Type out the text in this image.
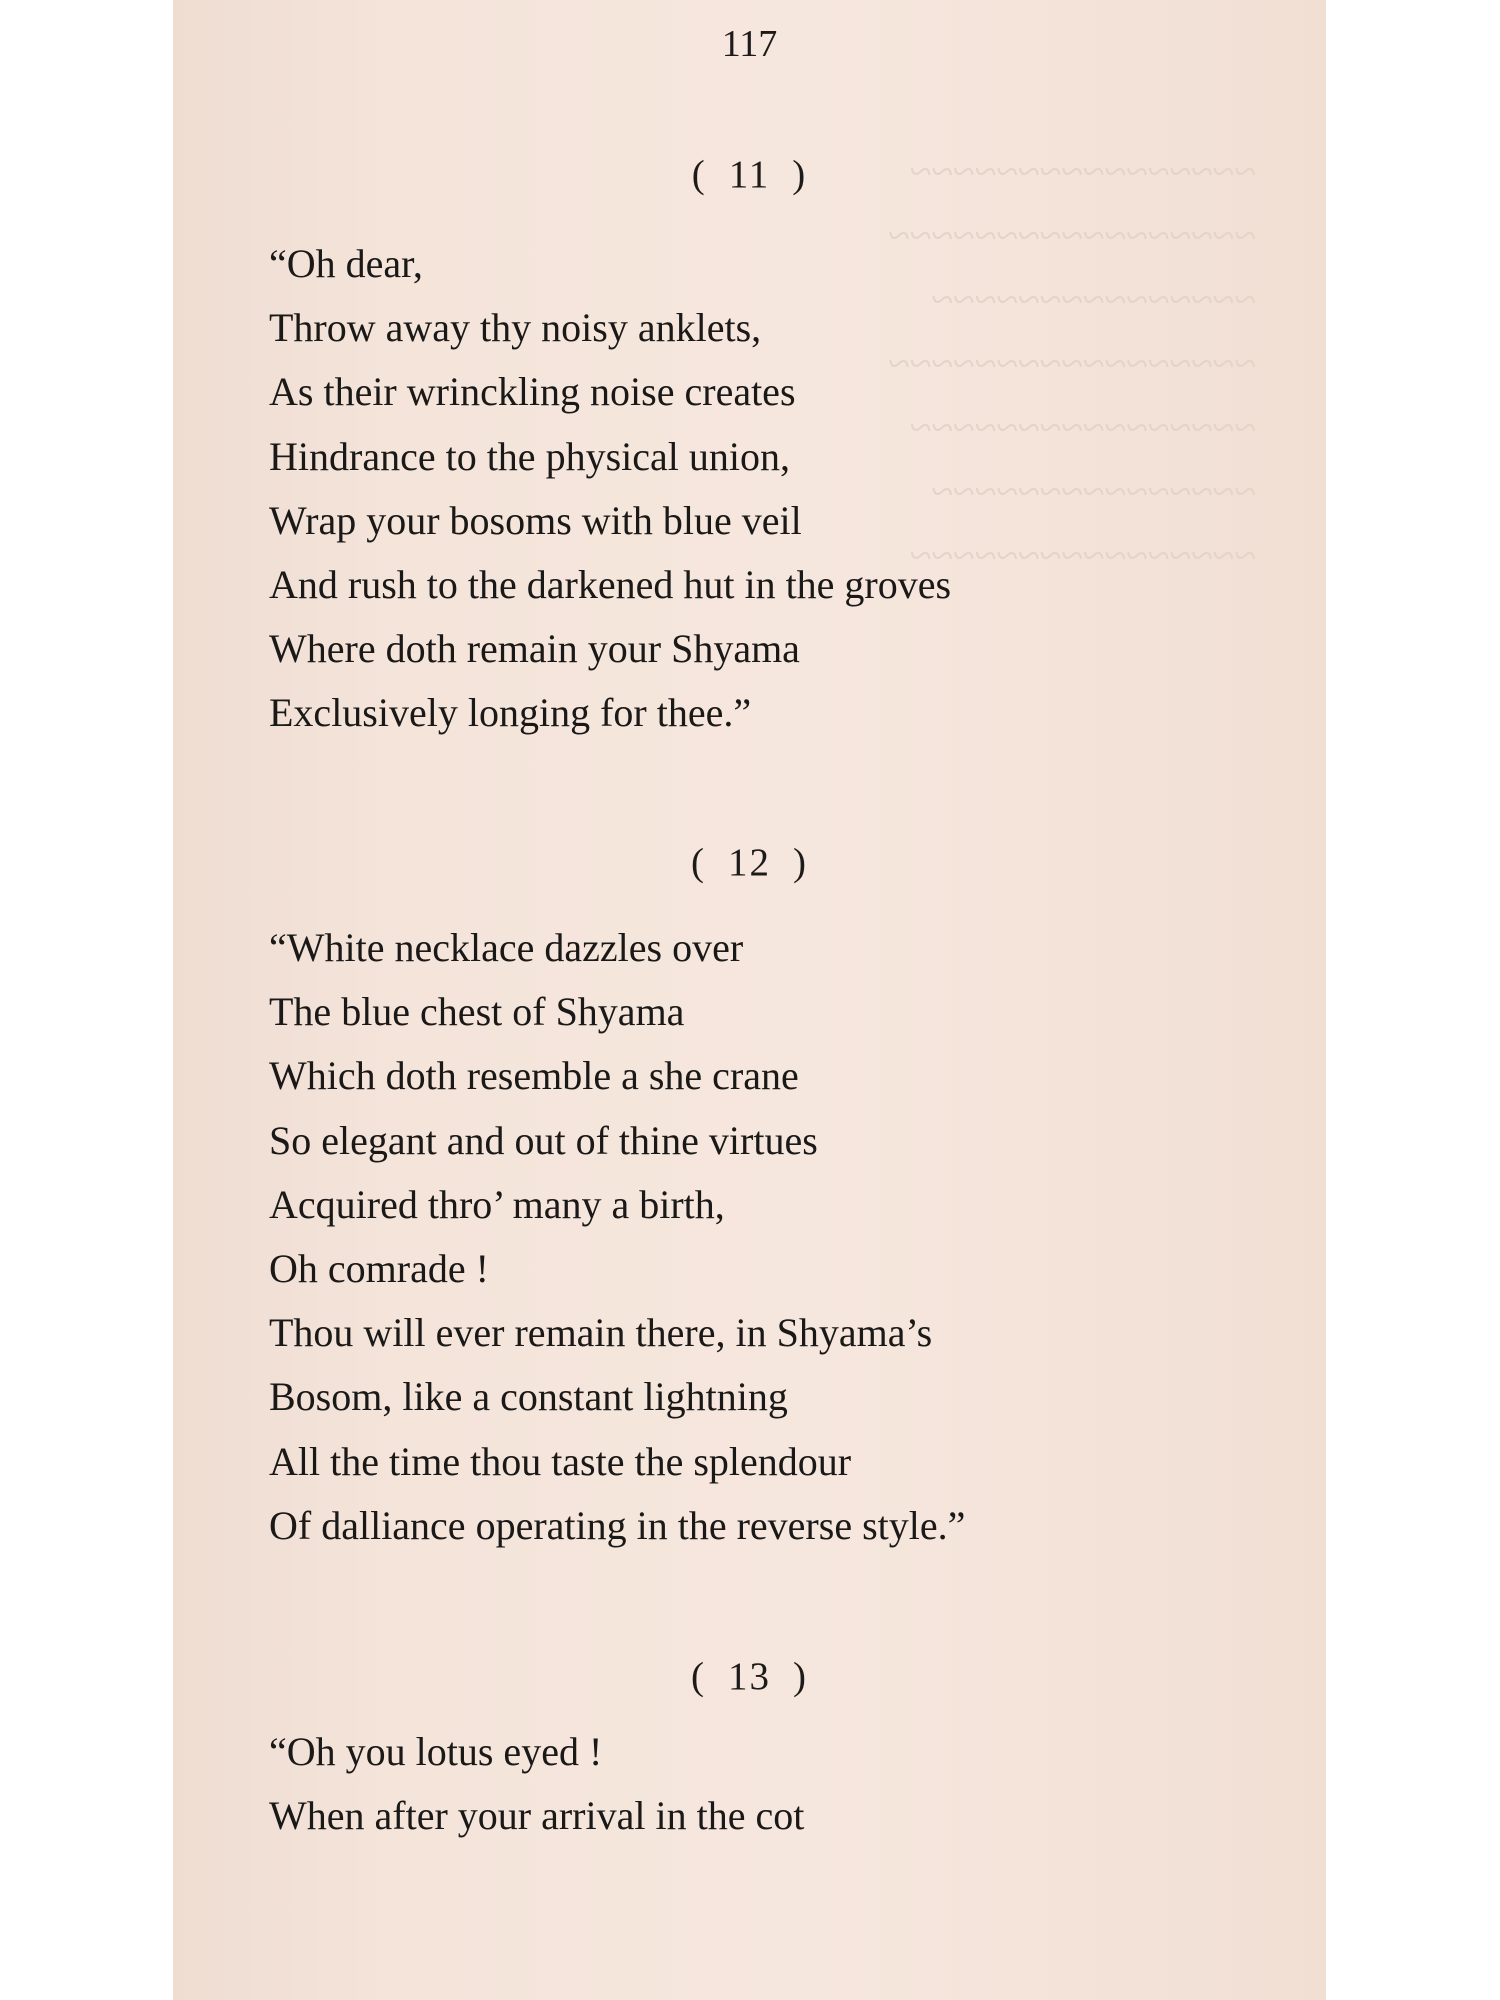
~~~~~~~~~~~~~~~~
~~~~~~~~~~~~~~~~~
~~~~~~~~~~~~~~~
~~~~~~~~~~~~~~~~~
~~~~~~~~~~~~~~~~
~~~~~~~~~~~~~~~
~~~~~~~~~~~~~~~~
117
( 11 )
“Oh dear,
Throw away thy noisy anklets,
As their wrinckling noise creates
Hindrance to the physical union,
Wrap your bosoms with blue veil
And rush to the darkened hut in the groves
Where doth remain your Shyama
Exclusively longing for thee.”
( 12 )
“White necklace dazzles over
The blue chest of Shyama
Which doth resemble a she crane
So elegant and out of thine virtues
Acquired thro’ many a birth,
Oh comrade !
Thou will ever remain there, in Shyama’s
Bosom, like a constant lightning
All the time thou taste the splendour
Of dalliance operating in the reverse style.”
( 13 )
“Oh you lotus eyed !
When after your arrival in the cot
